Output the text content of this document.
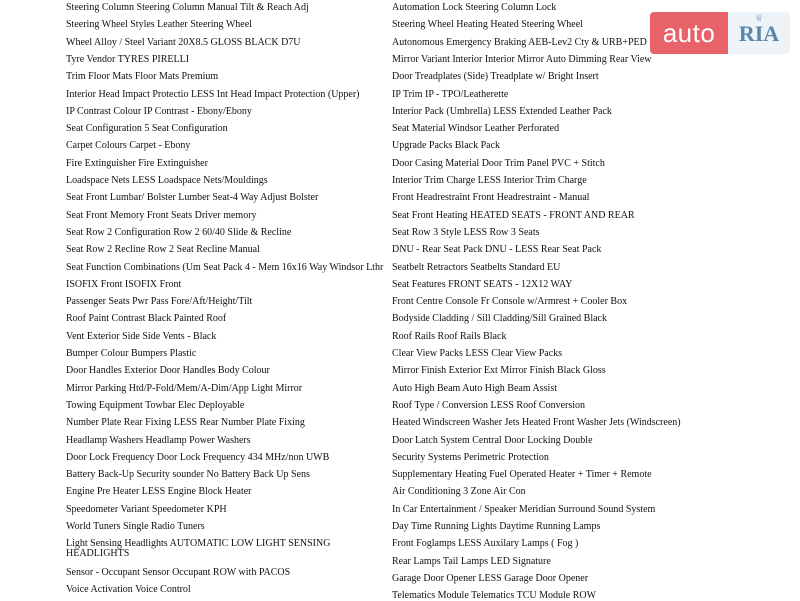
Steering Column Steering Column Manual Tilt & Reach Adj
Steering Wheel Styles Leather Steering Wheel
Wheel Alloy / Steel Variant 20X8.5 GLOSS BLACK D7U
Tyre Vendor TYRES PIRELLI
Trim Floor Mats Floor Mats Premium
Interior Head Impact Protectio LESS Int Head Impact Protection (Upper)
IP Contrast Colour IP Contrast - Ebony/Ebony
Seat Configuration 5 Seat Configuration
Carpet Colours Carpet - Ebony
Fire Extinguisher Fire Extinguisher
Loadspace Nets LESS Loadspace Nets/Mouldings
Seat Front Lumbar/ Bolster Lumber Seat-4 Way Adjust Bolster
Seat Front Memory Front Seats Driver memory
Seat Row 2 Configuration Row 2 60/40 Slide & Recline
Seat Row 2 Recline Row 2 Seat Recline Manual
Seat Function Combinations (Um Seat Pack 4 - Mem 16x16 Way Windsor Lthr
ISOFIX Front ISOFIX Front
Passenger Seats Pwr Pass Fore/Aft/Height/Tilt
Roof Paint Contrast Black Painted Roof
Vent Exterior Side Side Vents - Black
Bumper Colour Bumpers Plastic
Door Handles Exterior Door Handles Body Colour
Mirror Parking Htd/P-Fold/Mem/A-Dim/App Light Mirror
Towing Equipment Towbar Elec Deployable
Number Plate Rear Fixing LESS Rear Number Plate Fixing
Headlamp Washers Headlamp Power Washers
Door Lock Frequency Door Lock Frequency 434 MHz/non UWB
Battery Back-Up Security sounder No Battery Back Up Sens
Engine Pre Heater LESS Engine Block Heater
Speedometer Variant Speedometer KPH
World Tuners Single Radio Tuners
Light Sensing Headlights AUTOMATIC LOW LIGHT SENSING HEADLIGHTS
Sensor - Occupant Sensor Occupant ROW with PACOS
Voice Activation Voice Control
Automation Lock Steering Column Lock
Steering Wheel Heating Heated Steering Wheel
Autonomous Emergency Braking AEB-Lev2 Cty & URB+PED
Mirror Variant Interior Interior Mirror Auto Dimming Rear View
Door Treadplates (Side) Treadplate w/ Bright Insert
IP Trim IP - TPO/Leatherette
Interior Pack (Umbrella) LESS Extended Leather Pack
Seat Material Windsor Leather Perforated
Upgrade Packs Black Pack
Door Casing Material Door Trim Panel PVC + Stitch
Interior Trim Charge LESS Interior Trim Charge
Front Headrestraint Front Headrestraint - Manual
Seat Front Heating HEATED SEATS - FRONT AND REAR
Seat Row 3 Style LESS Row 3 Seats
DNU - Rear Seat Pack DNU - LESS Rear Seat Pack
Seatbelt Retractors Seatbelts Standard EU
Seat Features FRONT SEATS - 12X12 WAY
Front Centre Console Fr Console w/Armrest + Cooler Box
Bodyside Cladding / Sill Cladding/Sill Grained Black
Roof Rails Roof Rails Black
Clear View Packs LESS Clear View Packs
Mirror Finish Exterior Ext Mirror Finish Black Gloss
Auto High Beam Auto High Beam Assist
Roof Type / Conversion LESS Roof Conversion
Heated Windscreen Washer Jets Heated Front Washer Jets (Windscreen)
Door Latch System Central Door Locking Double
Security Systems Perimetric Protection
Supplementary Heating Fuel Operated Heater + Timer + Remote
Air Conditioning 3 Zone Air Con
In Car Entertainment / Speaker Meridian Surround Sound System
Day Time Running Lights Daytime Running Lamps
Front Foglamps LESS Auxilary Lamps ( Fog )
Rear Lamps Tail Lamps LED Signature
Garage Door Opener LESS Garage Door Opener
Telematics Module Telematics TCU Module ROW
auto	♕
RIA
